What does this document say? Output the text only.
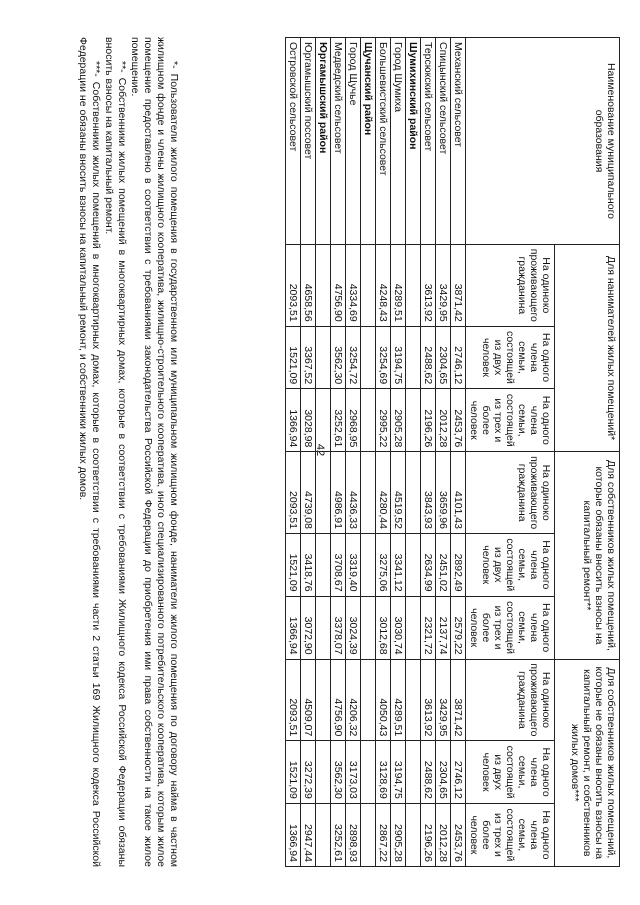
42
Наименование муниципального образования	Для нанимателей жилых помещений*			Для собственников жилых помещений, которые обязаны вносить взносы на капитальный ремонт**			Для собственников жилых помещений, которые не обязаны вносить взносы на капитальный ремонт, и собственников жилых домов***		
	На одиноко проживающего гражданина	На одного члена семьи, состоящей из двух человек	На одного члена семьи, состоящей из трех и более человек	На одиноко проживающего гражданина	На одного члена семьи, состоящей из двух человек	На одного члена семьи, состоящей из трех и более человек	На одиноко проживающего гражданина	На одного члена семьи, состоящей из двух человек	На одного члена семьи, состоящей из трех и более человек
Механский сельсовет	3871,42	2746,12	2453,76	4101,43	2892,49	2579,22	3871,42	2746,12	2453,76
Спицынский сельсовет	3429,95	2304,65	2012,28	3659,96	2451,02	2137,74	3429,95	2304,65	2012,28
Терсюкский сельсовет	3613,92	2488,62	2196,26	3843,93	2634,99	2321,72	3613,92	2488,62	2196,26
Шумихинский район									
Город Шумиха	4289,51	3194,75	2905,28	4519,52	3341,12	3030,74	4289,51	3194,75	2905,28
Большевистский сельсовет	4248,43	3254,69	2995,22	4280,44	3275,06	3012,68	4050,43	3128,69	2867,22
Щучанский район									
Город Щучье	4334,69	3254,72	2968,95	4436,33	3319,40	3024,39	4206,32	3173,03	2898,93
Медведский сельсовет	4756,90	3562,30	3252,61	4986,91	3708,67	3378,07	4756,90	3562,30	3252,61
Юргамышский район									
Юргамышский поссовет	4658,56	3367,52	3028,98	4739,08	3418,76	3072,90	4509,07	3272,39	2947,44
Островской сельсовет	2093,51	1521,09	1366,94	2093,51	1521,09	1366,94	2093,51	1521,09	1366,94

*- Пользователи жилого помещения в государственном или муниципальном жилищном фонде, наниматели жилого помещения по договору найма в частном жилищном фонде и члены жилищного кооператива, жилищно-строительного кооператива, иного специализированного потребительского кооператива, которым жилое помещение предоставлено в соответствии с требованиями законодательства Российской Федерации до приобретения ими права собственности на такое жилое помещение.

**- Собственники жилых помещений в многоквартирных домах, которые в соответствии с требованиями Жилищного кодекса Российской Федерации обязаны вносить взносы на капитальный ремонт.

***- Собственники жилых помещений в многоквартирных домах, которые в соответствии с требованиями части 2 статьи 169 Жилищного кодекса Российской Федерации не обязаны вносить взносы на капитальный ремонт, и собственники жилых домов.
